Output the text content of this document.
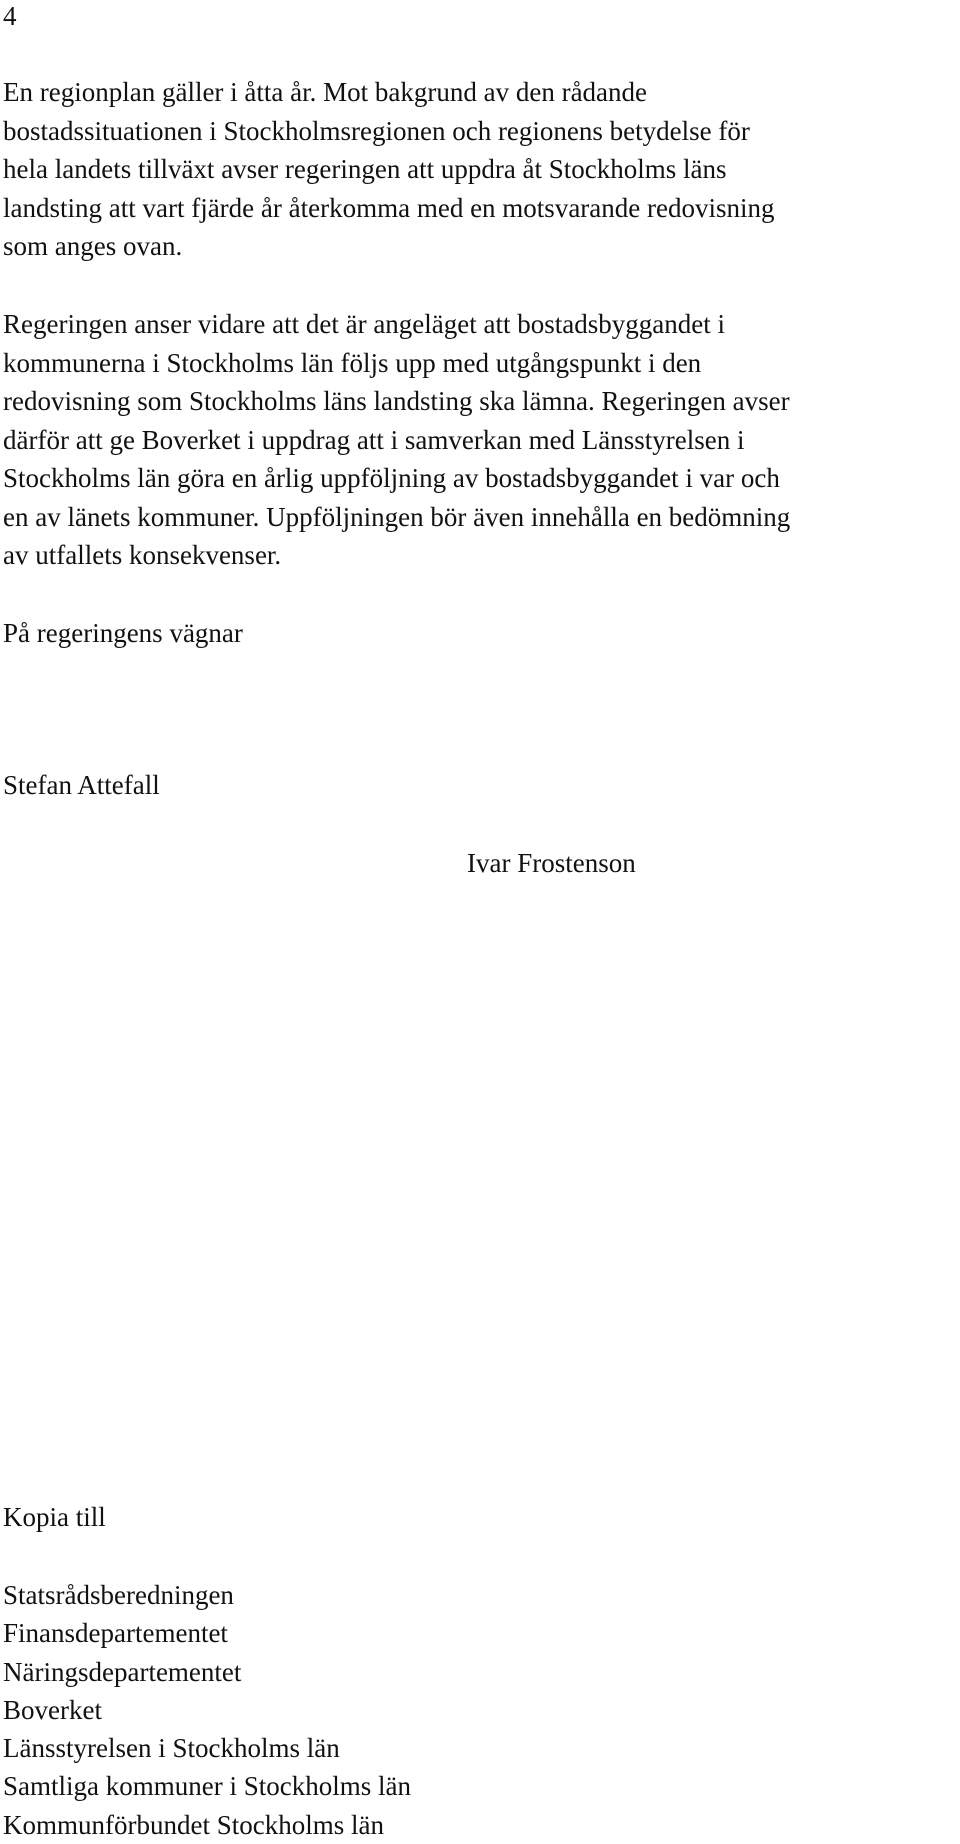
4

En regionplan gäller i åtta år. Mot bakgrund av den rådande
bostadssituationen i Stockholmsregionen och regionens betydelse för
hela landets tillväxt avser regeringen att uppdra åt Stockholms läns
landsting att vart fjärde år återkomma med en motsvarande redovisning
som anges ovan.

Regeringen anser vidare att det är angeläget att bostadsbyggandet i
kommunerna i Stockholms län följs upp med utgångspunkt i den
redovisning som Stockholms läns landsting ska lämna. Regeringen avser
därför att ge Boverket i uppdrag att i samverkan med Länsstyrelsen i
Stockholms län göra en årlig uppföljning av bostadsbyggandet i var och
en av länets kommuner. Uppföljningen bör även innehålla en bedömning
av utfallets konsekvenser.

På regeringens vägnar
Stefan Attefall
Ivar Frostenson
Kopia till
Statsrådsberedningen
Finansdepartementet
Näringsdepartementet
Boverket
Länsstyrelsen i Stockholms län
Samtliga kommuner i Stockholms län
Kommunförbundet Stockholms län
